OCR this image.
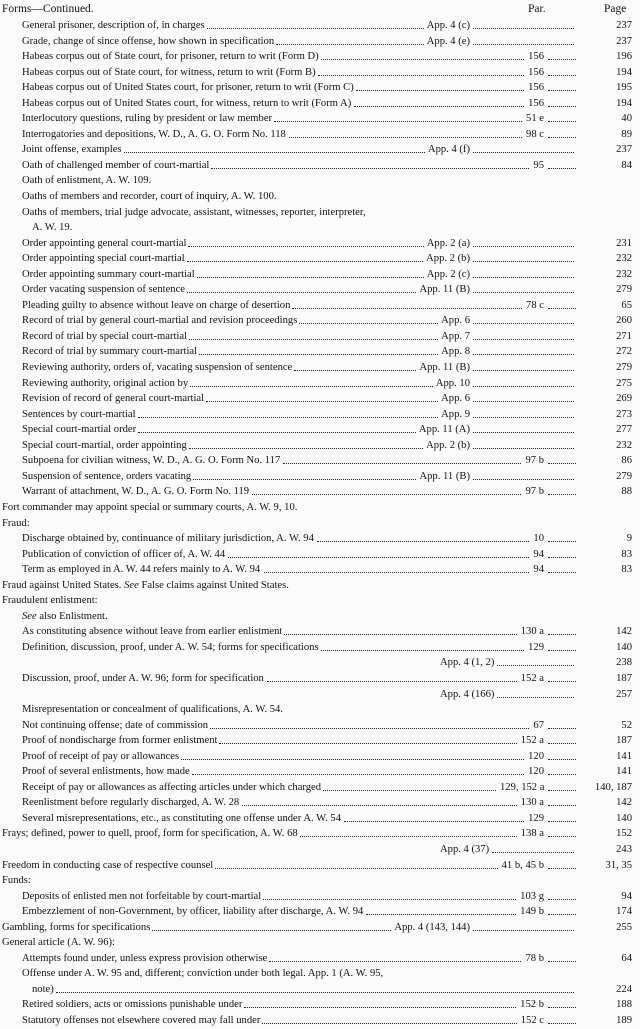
Forms—Continued.	Par.	Page
General prisoner, description of, in charges	App. 4 (c)	237
Grade, change of since offense, how shown in specification	App. 4 (e)	237
Habeas corpus out of State court, for prisoner, return to writ (Form D)	156	196
Habeas corpus out of State court, for witness, return to writ (Form B)	156	194
Habeas corpus out of United States court, for prisoner, return to writ (Form C)	156	195
Habeas corpus out of United States court, for witness, return to writ (Form A)	156	194
Interlocutory questions, ruling by president or law member	51 e	40
Interrogatories and depositions, W. D., A. G. O. Form No. 118	98 c	89
Joint offense, examples	App. 4 (f)	237
Oath of challenged member of court-martial	95	84
Oath of enlistment, A. W. 109.
Oaths of members and recorder, court of inquiry, A. W. 100.
Oaths of members, trial judge advocate, assistant, witnesses, reporter, interpreter,
A. W. 19.
Order appointing general court-martial	App. 2 (a)	231
Order appointing special court-martial	App. 2 (b)	232
Order appointing summary court-martial	App. 2 (c)	232
Order vacating suspension of sentence	App. 11 (B)	279
Pleading guilty to absence without leave on charge of desertion	78 c	65
Record of trial by general court-martial and revision proceedings	App. 6	260
Record of trial by special court-martial	App. 7	271
Record of trial by summary court-martial	App. 8	272
Reviewing authority, orders of, vacating suspension of sentence	App. 11 (B)	279
Reviewing authority, original action by	App. 10	275
Revision of record of general court-martial	App. 6	269
Sentences by court-martial	App. 9	273
Special court-martial order	App. 11 (A)	277
Special court-martial, order appointing	App. 2 (b)	232
Subpoena for civilian witness, W. D., A. G. O. Form No. 117	97 b	86
Suspension of sentence, orders vacating	App. 11 (B)	279
Warrant of attachment, W. D., A. G. O. Form No. 119	97 b	88
Fort commander may appoint special or summary courts, A. W. 9, 10.
Fraud:
Discharge obtained by, continuance of military jurisdiction, A. W. 94	10	9
Publication of conviction of officer of, A. W. 44	94	83
Term as employed in A. W. 44 refers mainly to A. W. 94	94	83
Fraud against United States. See False claims against United States.
Fraudulent enlistment:
See also Enlistment.
As constituting absence without leave from earlier enlistment	130 a	142
Definition, discussion, proof, under A. W. 54; forms for specifications	129	140
App. 4 (1, 2)	238
Discussion, proof, under A. W. 96; form for specification	152 a	187
App. 4 (166)	257
Misrepresentation or concealment of qualifications, A. W. 54.
Not continuing offense; date of commission	67	52
Proof of nondischarge from former enlistment	152 a	187
Proof of receipt of pay or allowances	120	141
Proof of several enlistments, how made	120	141
Receipt of pay or allowances as affecting articles under which charged	129, 152 a	140, 187
Reenlistment before regularly discharged, A. W. 28	130 a	142
Several misrepresentations, etc., as constituting one offense under A. W. 54	129	140
Frays; defined, power to quell, proof, form for specification, A. W. 68	138 a	152
App. 4 (37)	243
Freedom in conducting case of respective counsel	41 b, 45 b	31, 35
Funds:
Deposits of enlisted men not forfeitable by court-martial	103 g	94
Embezzlement of non-Government, by officer, liability after discharge, A. W. 94	149 b	174
Gambling, forms for specifications	App. 4 (143, 144)	255
General article (A. W. 96):
Attempts found under, unless express provision otherwise	78 b	64
Offense under A. W. 95 and, different; conviction under both legal. App. 1 (A. W. 95,
note)	224
Retired soldiers, acts or omissions punishable under	152 b	188
Statutory offenses not elsewhere covered may fall under	152 c	189
